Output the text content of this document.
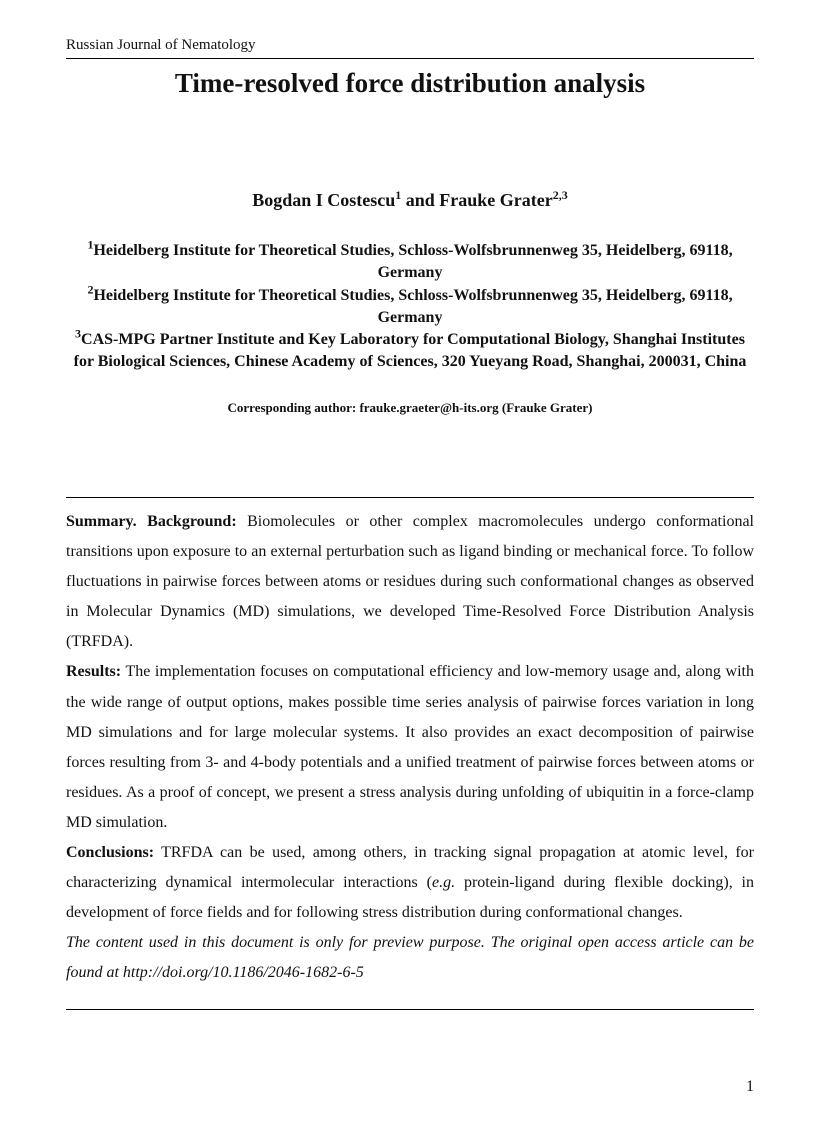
Russian Journal of Nematology
Time-resolved force distribution analysis
Bogdan I Costescu$^1$ and Frauke Grater$^{2,3}$
$^1$Heidelberg Institute for Theoretical Studies, Schloss-Wolfsbrunnenweg 35, Heidelberg, 69118, Germany
$^2$Heidelberg Institute for Theoretical Studies, Schloss-Wolfsbrunnenweg 35, Heidelberg, 69118, Germany
$^3$CAS-MPG Partner Institute and Key Laboratory for Computational Biology, Shanghai Institutes for Biological Sciences, Chinese Academy of Sciences, 320 Yueyang Road, Shanghai, 200031, China
Corresponding author: frauke.graeter@h-its.org (Frauke Grater)

Summary. Background: Biomolecules or other complex macromolecules undergo conformational transitions upon exposure to an external perturbation such as ligand binding or mechanical force. To follow fluctuations in pairwise forces between atoms or residues during such conformational changes as observed in Molecular Dynamics (MD) simulations, we developed Time-Resolved Force Distribution Analysis (TRFDA).

Results: The implementation focuses on computational efficiency and low-memory usage and, along with the wide range of output options, makes possible time series analysis of pairwise forces variation in long MD simulations and for large molecular systems. It also provides an exact decomposition of pairwise forces resulting from 3- and 4-body potentials and a unified treatment of pairwise forces between atoms or residues. As a proof of concept, we present a stress analysis during unfolding of ubiquitin in a force-clamp MD simulation.

Conclusions: TRFDA can be used, among others, in tracking signal propagation at atomic level, for characterizing dynamical intermolecular interactions (e.g. protein-ligand during flexible docking), in development of force fields and for following stress distribution during conformational changes.

The content used in this document is only for preview purpose. The original open access article can be found at http://doi.org/10.1186/2046-1682-6-5

1
